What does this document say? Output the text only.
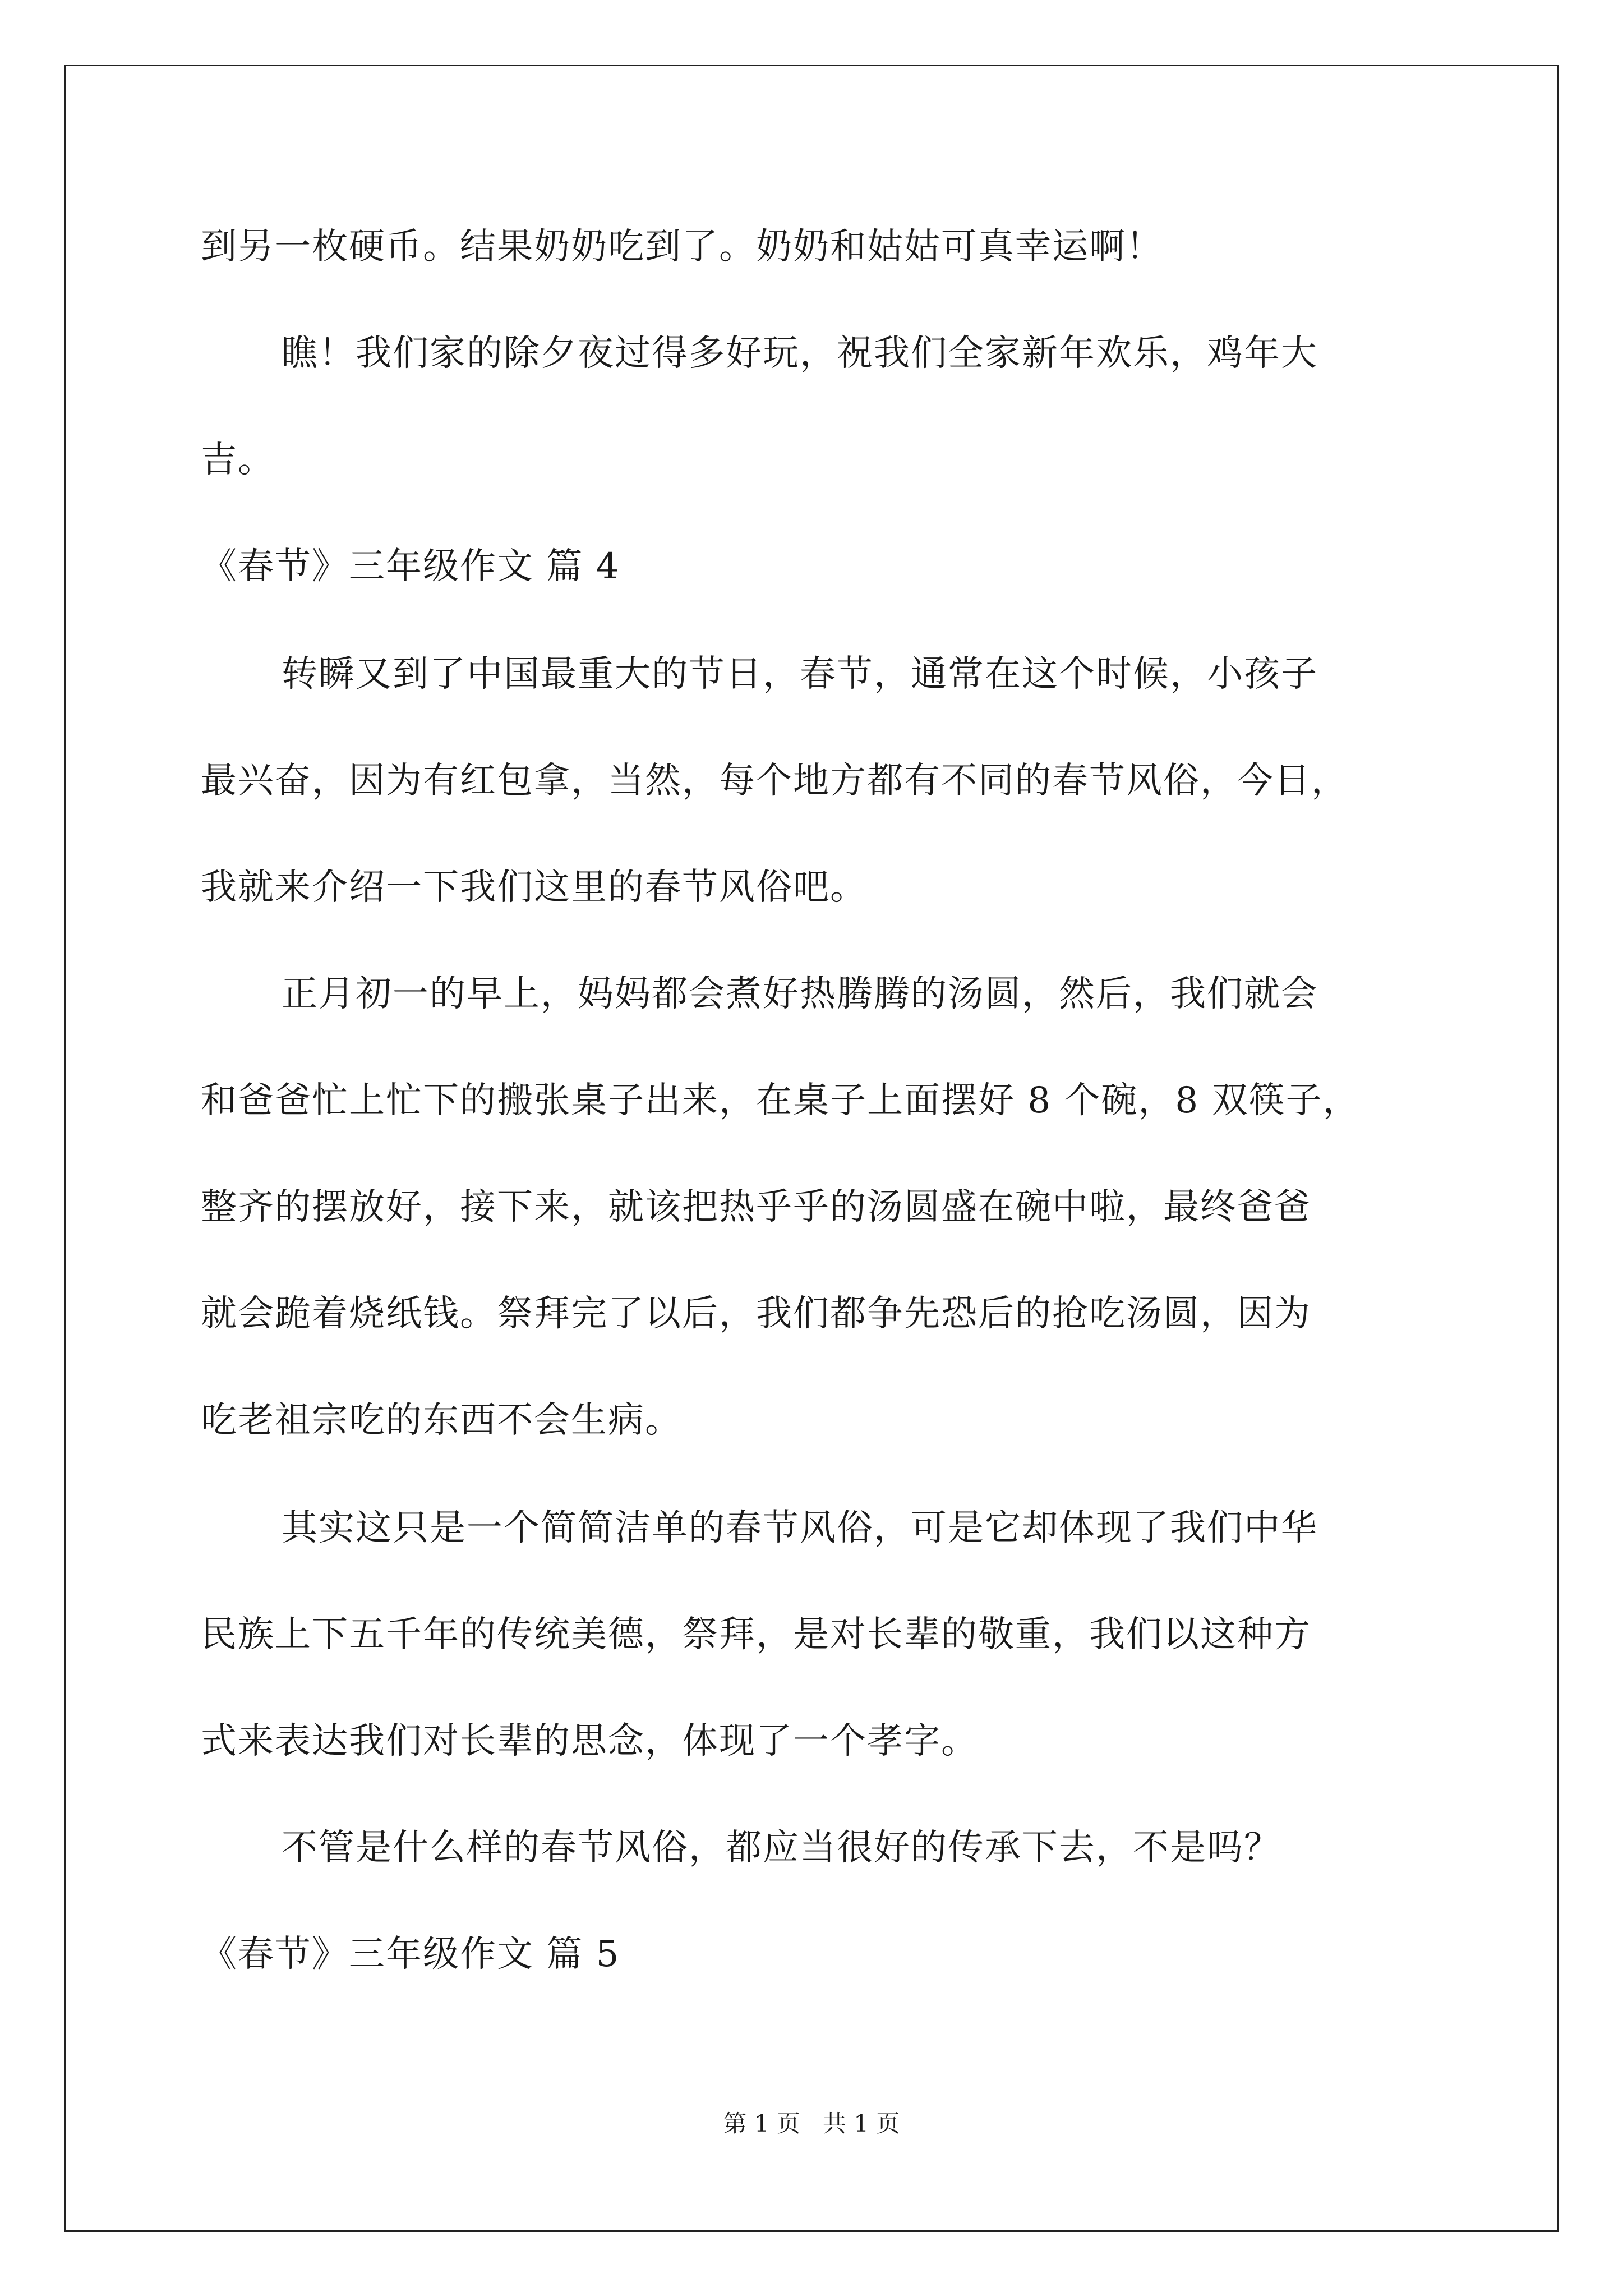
到另一枚硬币。结果奶奶吃到了。奶奶和姑姑可真幸运啊！
瞧！我们家的除夕夜过得多好玩，祝我们全家新年欢乐，鸡年大
吉。
《春节》三年级作文 篇 4
转瞬又到了中国最重大的节日，春节，通常在这个时候，小孩子
最兴奋，因为有红包拿，当然，每个地方都有不同的春节风俗，今日，
我就来介绍一下我们这里的春节风俗吧。
正月初一的早上，妈妈都会煮好热腾腾的汤圆，然后，我们就会
和爸爸忙上忙下的搬张桌子出来，在桌子上面摆好 8 个碗，8 双筷子，
整齐的摆放好，接下来，就该把热乎乎的汤圆盛在碗中啦，最终爸爸
就会跪着烧纸钱。祭拜完了以后，我们都争先恐后的抢吃汤圆，因为
吃老祖宗吃的东西不会生病。
其实这只是一个简简洁单的春节风俗，可是它却体现了我们中华
民族上下五千年的传统美德，祭拜，是对长辈的敬重，我们以这种方
式来表达我们对长辈的思念，体现了一个孝字。
不管是什么样的春节风俗，都应当很好的传承下去，不是吗？
《春节》三年级作文 篇 5
第 1 页   共 1 页
